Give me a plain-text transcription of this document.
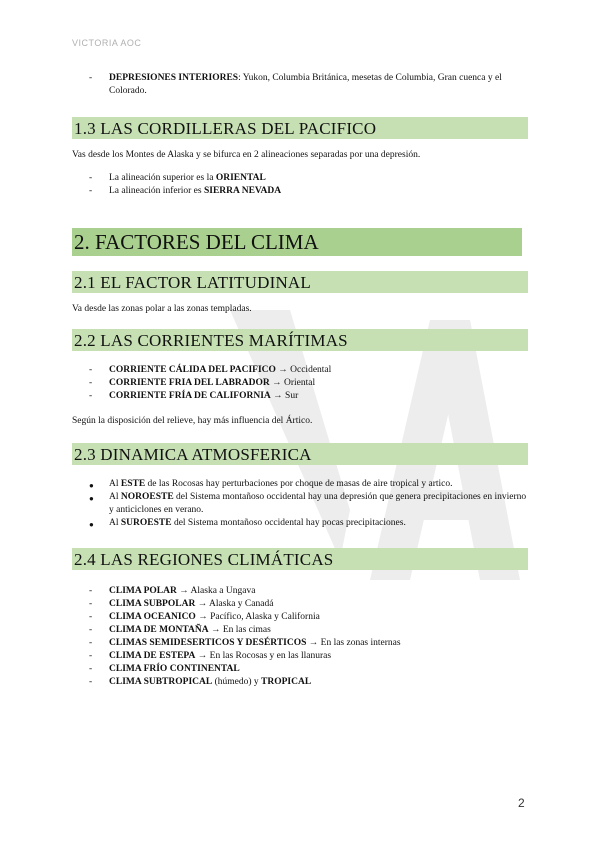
VICTORIA AOC
- DEPRESIONES INTERIORES: Yukon, Columbia Británica, mesetas de Columbia, Gran cuenca y el Colorado.
1.3 LAS CORDILLERAS DEL PACIFICO

Vas desde los Montes de Alaska y se bifurca en 2 alineaciones separadas por una depresión.

- La alineación superior es la ORIENTAL
- La alineación inferior es SIERRA NEVADA
2. FACTORES DEL CLIMA
2.1 EL FACTOR LATITUDINAL

Va desde las zonas polar a las zonas templadas.

2.2 LAS CORRIENTES MARÍTIMAS
- CORRIENTE CÁLIDA DEL PACIFICO → Occidental
- CORRIENTE FRIA DEL LABRADOR → Oriental
- CORRIENTE FRÍA DE CALIFORNIA → Sur

Según la disposición del relieve, hay más influencia del Ártico.

2.3 DINAMICA ATMOSFERICA
● Al ESTE de las Rocosas hay perturbaciones por choque de masas de aire tropical y artico.
● Al NOROESTE del Sistema montañoso occidental hay una depresión que genera precipitaciones en invierno y anticiclones en verano.
● Al SUROESTE del Sistema montañoso occidental hay pocas precipitaciones.
2.4 LAS REGIONES CLIMÁTICAS
- CLIMA POLAR → Alaska a Ungava
- CLIMA SUBPOLAR → Alaska y Canadá
- CLIMA OCEANICO → Pacífico, Alaska y California
- CLIMA DE MONTAÑA → En las cimas
- CLIMAS SEMIDESERTICOS Y DESÉRTICOS → En las zonas internas
- CLIMA DE ESTEPA → En las Rocosas y en las llanuras
- CLIMA FRÍO CONTINENTAL
- CLIMA SUBTROPICAL (húmedo) y TROPICAL
2
